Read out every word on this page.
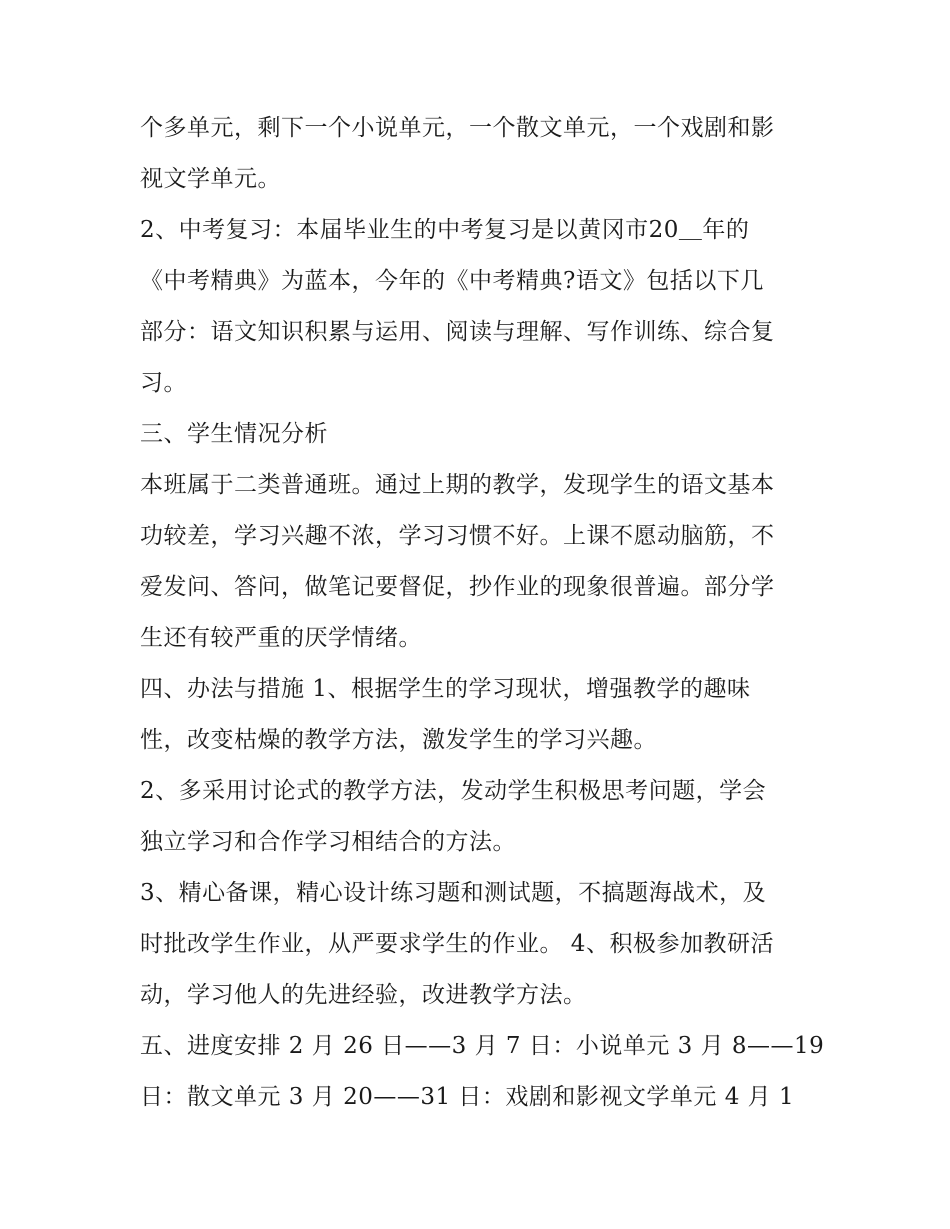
个多单元，剩下一个小说单元，一个散文单元，一个戏剧和影
视文学单元。
2、中考复习：本届毕业生的中考复习是以黄冈市20＿年的
《中考精典》为蓝本，今年的《中考精典?语文》包括以下几
部分：语文知识积累与运用、阅读与理解、写作训练、综合复
习。
三、学生情况分析
本班属于二类普通班。通过上期的教学，发现学生的语文基本
功较差，学习兴趣不浓，学习习惯不好。上课不愿动脑筋，不
爱发问、答问，做笔记要督促，抄作业的现象很普遍。部分学
生还有较严重的厌学情绪。
四、办法与措施 1、根据学生的学习现状，增强教学的趣味
性，改变枯燥的教学方法，激发学生的学习兴趣。
2、多采用讨论式的教学方法，发动学生积极思考问题，学会
独立学习和合作学习相结合的方法。
3、精心备课，精心设计练习题和测试题，不搞题海战术，及
时批改学生作业，从严要求学生的作业。 4、积极参加教研活
动，学习他人的先进经验，改进教学方法。
五、进度安排 2 月 26 日——3 月 7 日：小说单元 3 月 8——19
日：散文单元 3 月 20——31 日：戏剧和影视文学单元 4 月 1
